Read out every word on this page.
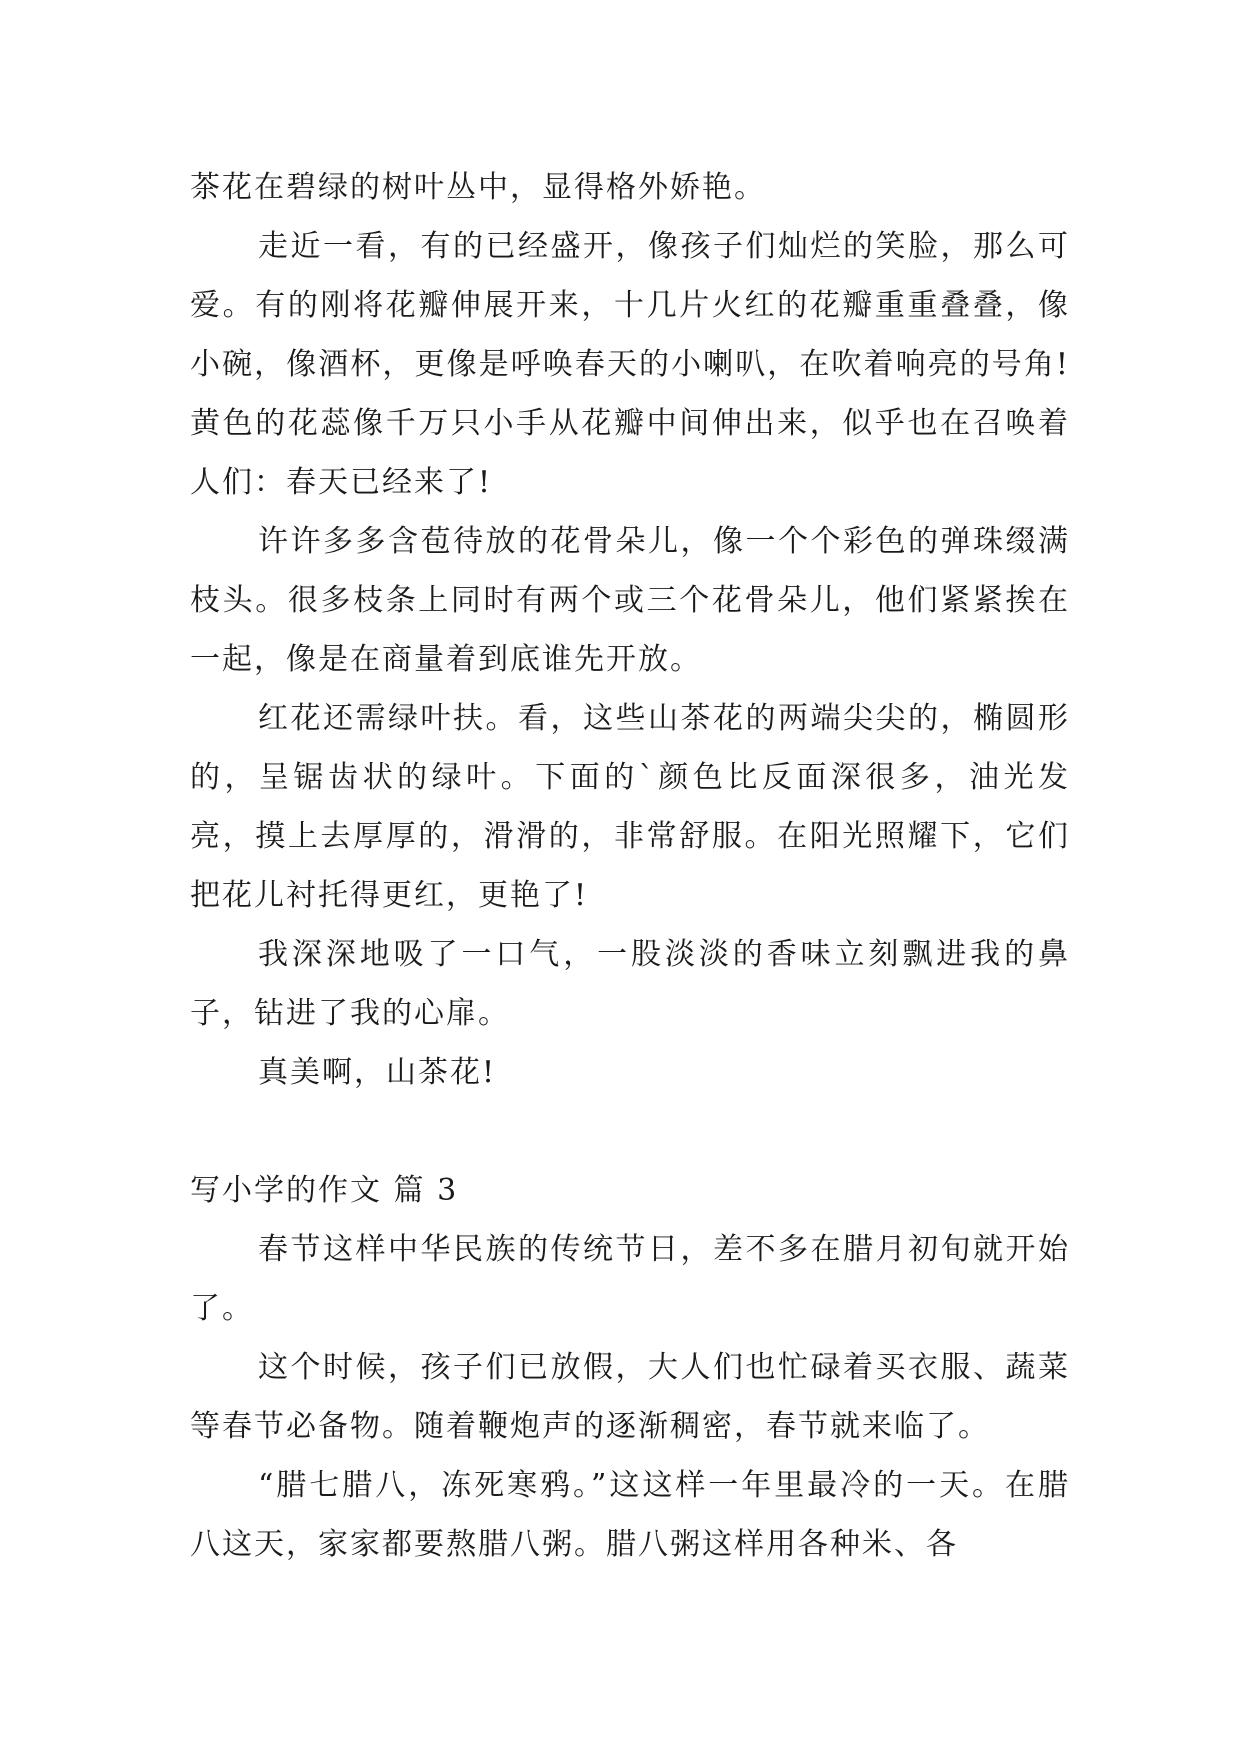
茶花在碧绿的树叶丛中，显得格外娇艳。

走近一看，有的已经盛开，像孩子们灿烂的笑脸，那么可爱。有的刚将花瓣伸展开来，十几片火红的花瓣重重叠叠，像小碗，像酒杯，更像是呼唤春天的小喇叭，在吹着响亮的号角!黄色的花蕊像千万只小手从花瓣中间伸出来，似乎也在召唤着人们：春天已经来了!

许许多多含苞待放的花骨朵儿，像一个个彩色的弹珠缀满枝头。很多枝条上同时有两个或三个花骨朵儿，他们紧紧挨在一起，像是在商量着到底谁先开放。

红花还需绿叶扶。看，这些山茶花的两端尖尖的，椭圆形的，呈锯齿状的绿叶。下面的`颜色比反面深很多，油光发亮，摸上去厚厚的，滑滑的，非常舒服。在阳光照耀下，它们把花儿衬托得更红，更艳了!

我深深地吸了一口气，一股淡淡的香味立刻飘进我的鼻子，钻进了我的心扉。

真美啊，山茶花!

写小学的作文 篇 3

春节这样中华民族的传统节日，差不多在腊月初旬就开始了。

这个时候，孩子们已放假，大人们也忙碌着买衣服、蔬菜等春节必备物。随着鞭炮声的逐渐稠密，春节就来临了。

“腊七腊八，冻死寒鸦。”这这样一年里最冷的一天。在腊八这天，家家都要熬腊八粥。腊八粥这样用各种米、各
